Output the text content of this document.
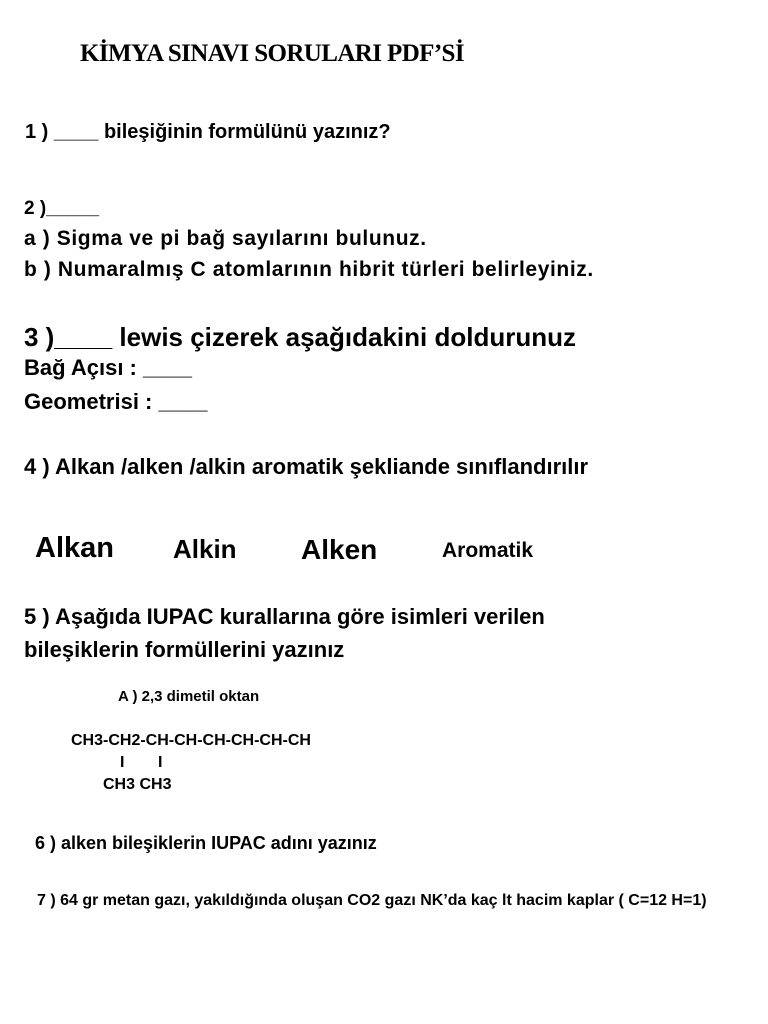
KİMYA SINAVI SORULARI PDF’Sİ
1 ) ____ bileşiğinin formülünü yazınız?
2 )_____
a ) Sigma ve pi bağ sayılarını bulunuz.
b ) Numaralmış C atomlarının hibrit türleri belirleyiniz.
3 )____ lewis çizerek aşağıdakini doldurunuz
Bağ Açısı : ____
Geometrisi : ____
4 ) Alkan /alken /alkin aromatik şekliande sınıflandırılır
Alkan Alkin Alken	Aromatik
5 ) Aşağıda IUPAC kurallarına göre isimleri verilen
bileşiklerin formüllerini yazınız
A ) 2,3 dimetil oktan
CH3-CH2-CH-CH-CH-CH-CH-CH
I I
CH3 CH3
6 ) alken bileşiklerin IUPAC adını yazınız
7 ) 64 gr metan gazı, yakıldığında oluşan CO2 gazı NK’da kaç lt hacim kaplar ( C=12 H=1)
